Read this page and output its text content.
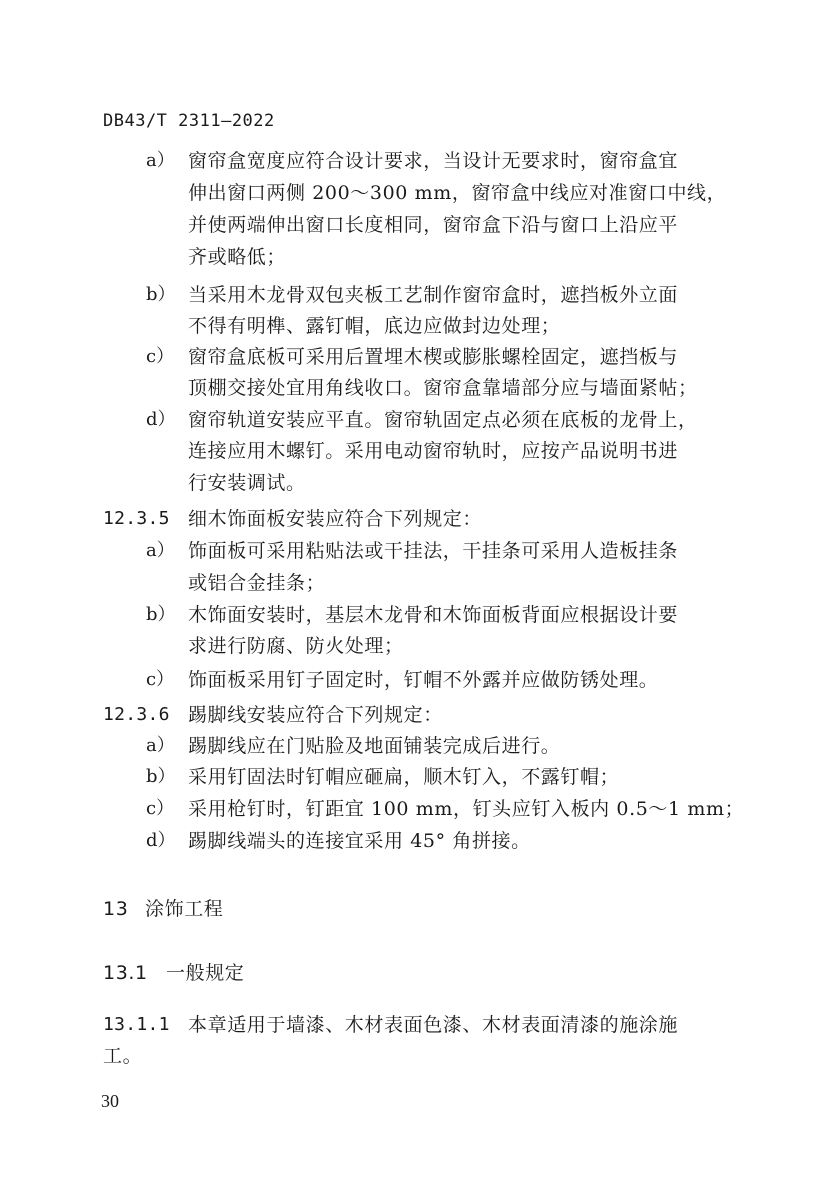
DB43/T 2311—2022
a） 窗帘盒宽度应符合设计要求，当设计无要求时，窗帘盒宜
伸出窗口两侧 200～300 mm，窗帘盒中线应对准窗口中线，
并使两端伸出窗口长度相同，窗帘盒下沿与窗口上沿应平
齐或略低；
b） 当采用木龙骨双包夹板工艺制作窗帘盒时，遮挡板外立面
不得有明榫、露钉帽，底边应做封边处理；
c） 窗帘盒底板可采用后置埋木楔或膨胀螺栓固定，遮挡板与
顶棚交接处宜用角线收口。窗帘盒靠墙部分应与墙面紧帖；
d） 窗帘轨道安装应平直。窗帘轨固定点必须在底板的龙骨上，
连接应用木螺钉。采用电动窗帘轨时，应按产品说明书进
行安装调试。
12.3.5 细木饰面板安装应符合下列规定：
a） 饰面板可采用粘贴法或干挂法，干挂条可采用人造板挂条
或铝合金挂条；
b） 木饰面安装时，基层木龙骨和木饰面板背面应根据设计要
求进行防腐、防火处理；
c） 饰面板采用钉子固定时，钉帽不外露并应做防锈处理。
12.3.6 踢脚线安装应符合下列规定：
a） 踢脚线应在门贴脸及地面铺装完成后进行。
b） 采用钉固法时钉帽应砸扁，顺木钉入，不露钉帽；
c） 采用枪钉时，钉距宜 100 mm，钉头应钉入板内 0.5～1 mm；
d） 踢脚线端头的连接宜采用 45° 角拼接。
13 涂饰工程
13.1 一般规定
13.1.1 本章适用于墙漆、木材表面色漆、木材表面清漆的施涂施
工。
30
